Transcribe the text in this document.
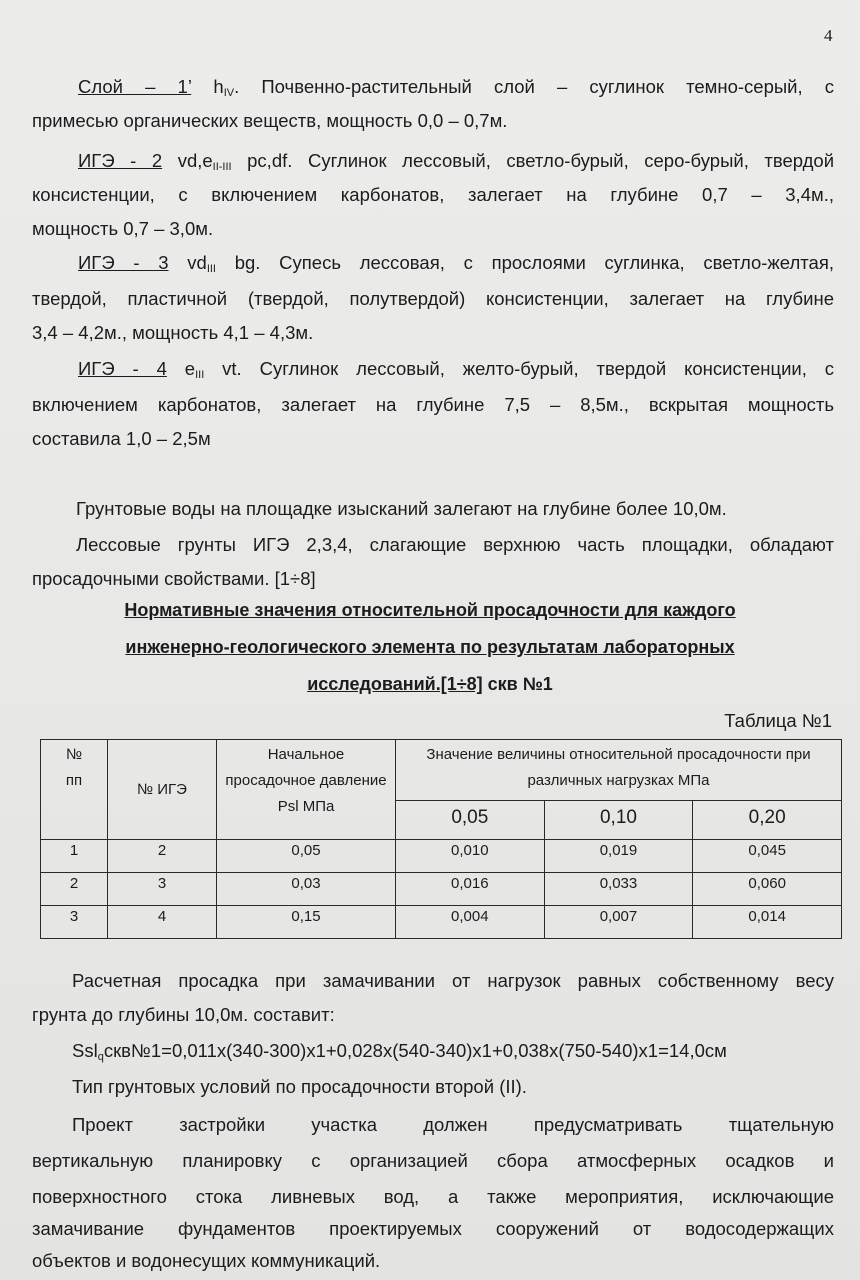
4
Слой – 1’ $h_{IV}$. Почвенно-растительный слой – суглинок темно-серый, с
примесью органических веществ, мощность 0,0 – 0,7м.
ИГЭ - 2 $vd,e_{II-III}$ pc,df. Суглинок лессовый, светло-бурый, серо-бурый, твердой
консистенции, с включением карбонатов, залегает на глубине 0,7 – 3,4м.,
мощность 0,7 – 3,0м.
ИГЭ - 3 $vd_{III}$ bg. Супесь лессовая, с прослоями суглинка, светло-желтая,
твердой, пластичной (твердой, полутвердой) консистенции, залегает на глубине
3,4 – 4,2м., мощность 4,1 – 4,3м.
ИГЭ - 4 $e_{III}$ vt. Суглинок лессовый, желто-бурый, твердой консистенции, с
включением карбонатов, залегает на глубине 7,5 – 8,5м., вскрытая мощность
составила 1,0 – 2,5м
Грунтовые воды на площадке изысканий залегают на глубине более 10,0м.
Лессовые грунты ИГЭ 2,3,4, слагающие верхнюю часть площадки, обладают
просадочными свойствами. [1÷8]
Нормативные значения относительной просадочности для каждого
инженерно-геологического элемента по результатам лабораторных
исследований.[1÷8] скв №1
Таблица №1
№
пп	№ ИГЭ	Начальное просадочное давление Psl МПа	Значение величины относительной просадочности при различных нагрузках МПа		
			0,05	0,10	0,20
1	2	0,05	0,010	0,019	0,045
2	3	0,03	0,016	0,033	0,060
3	4	0,15	0,004	0,007	0,014
Расчетная просадка при замачивании от нагрузок равных собственному весу
грунта до глубины 10,0м. составит:
Ssl$_q$скв№1=0,011х(340-300)х1+0,028х(540-340)х1+0,038х(750-540)х1=14,0см
Тип грунтовых условий по просадочности второй (II).
Проект застройки участка должен предусматривать тщательную
вертикальную планировку с организацией сбора атмосферных осадков и
поверхностного стока ливневых вод, а также мероприятия, исключающие
замачивание фундаментов проектируемых сооружений от водосодержащих
объектов и водонесущих коммуникаций.
